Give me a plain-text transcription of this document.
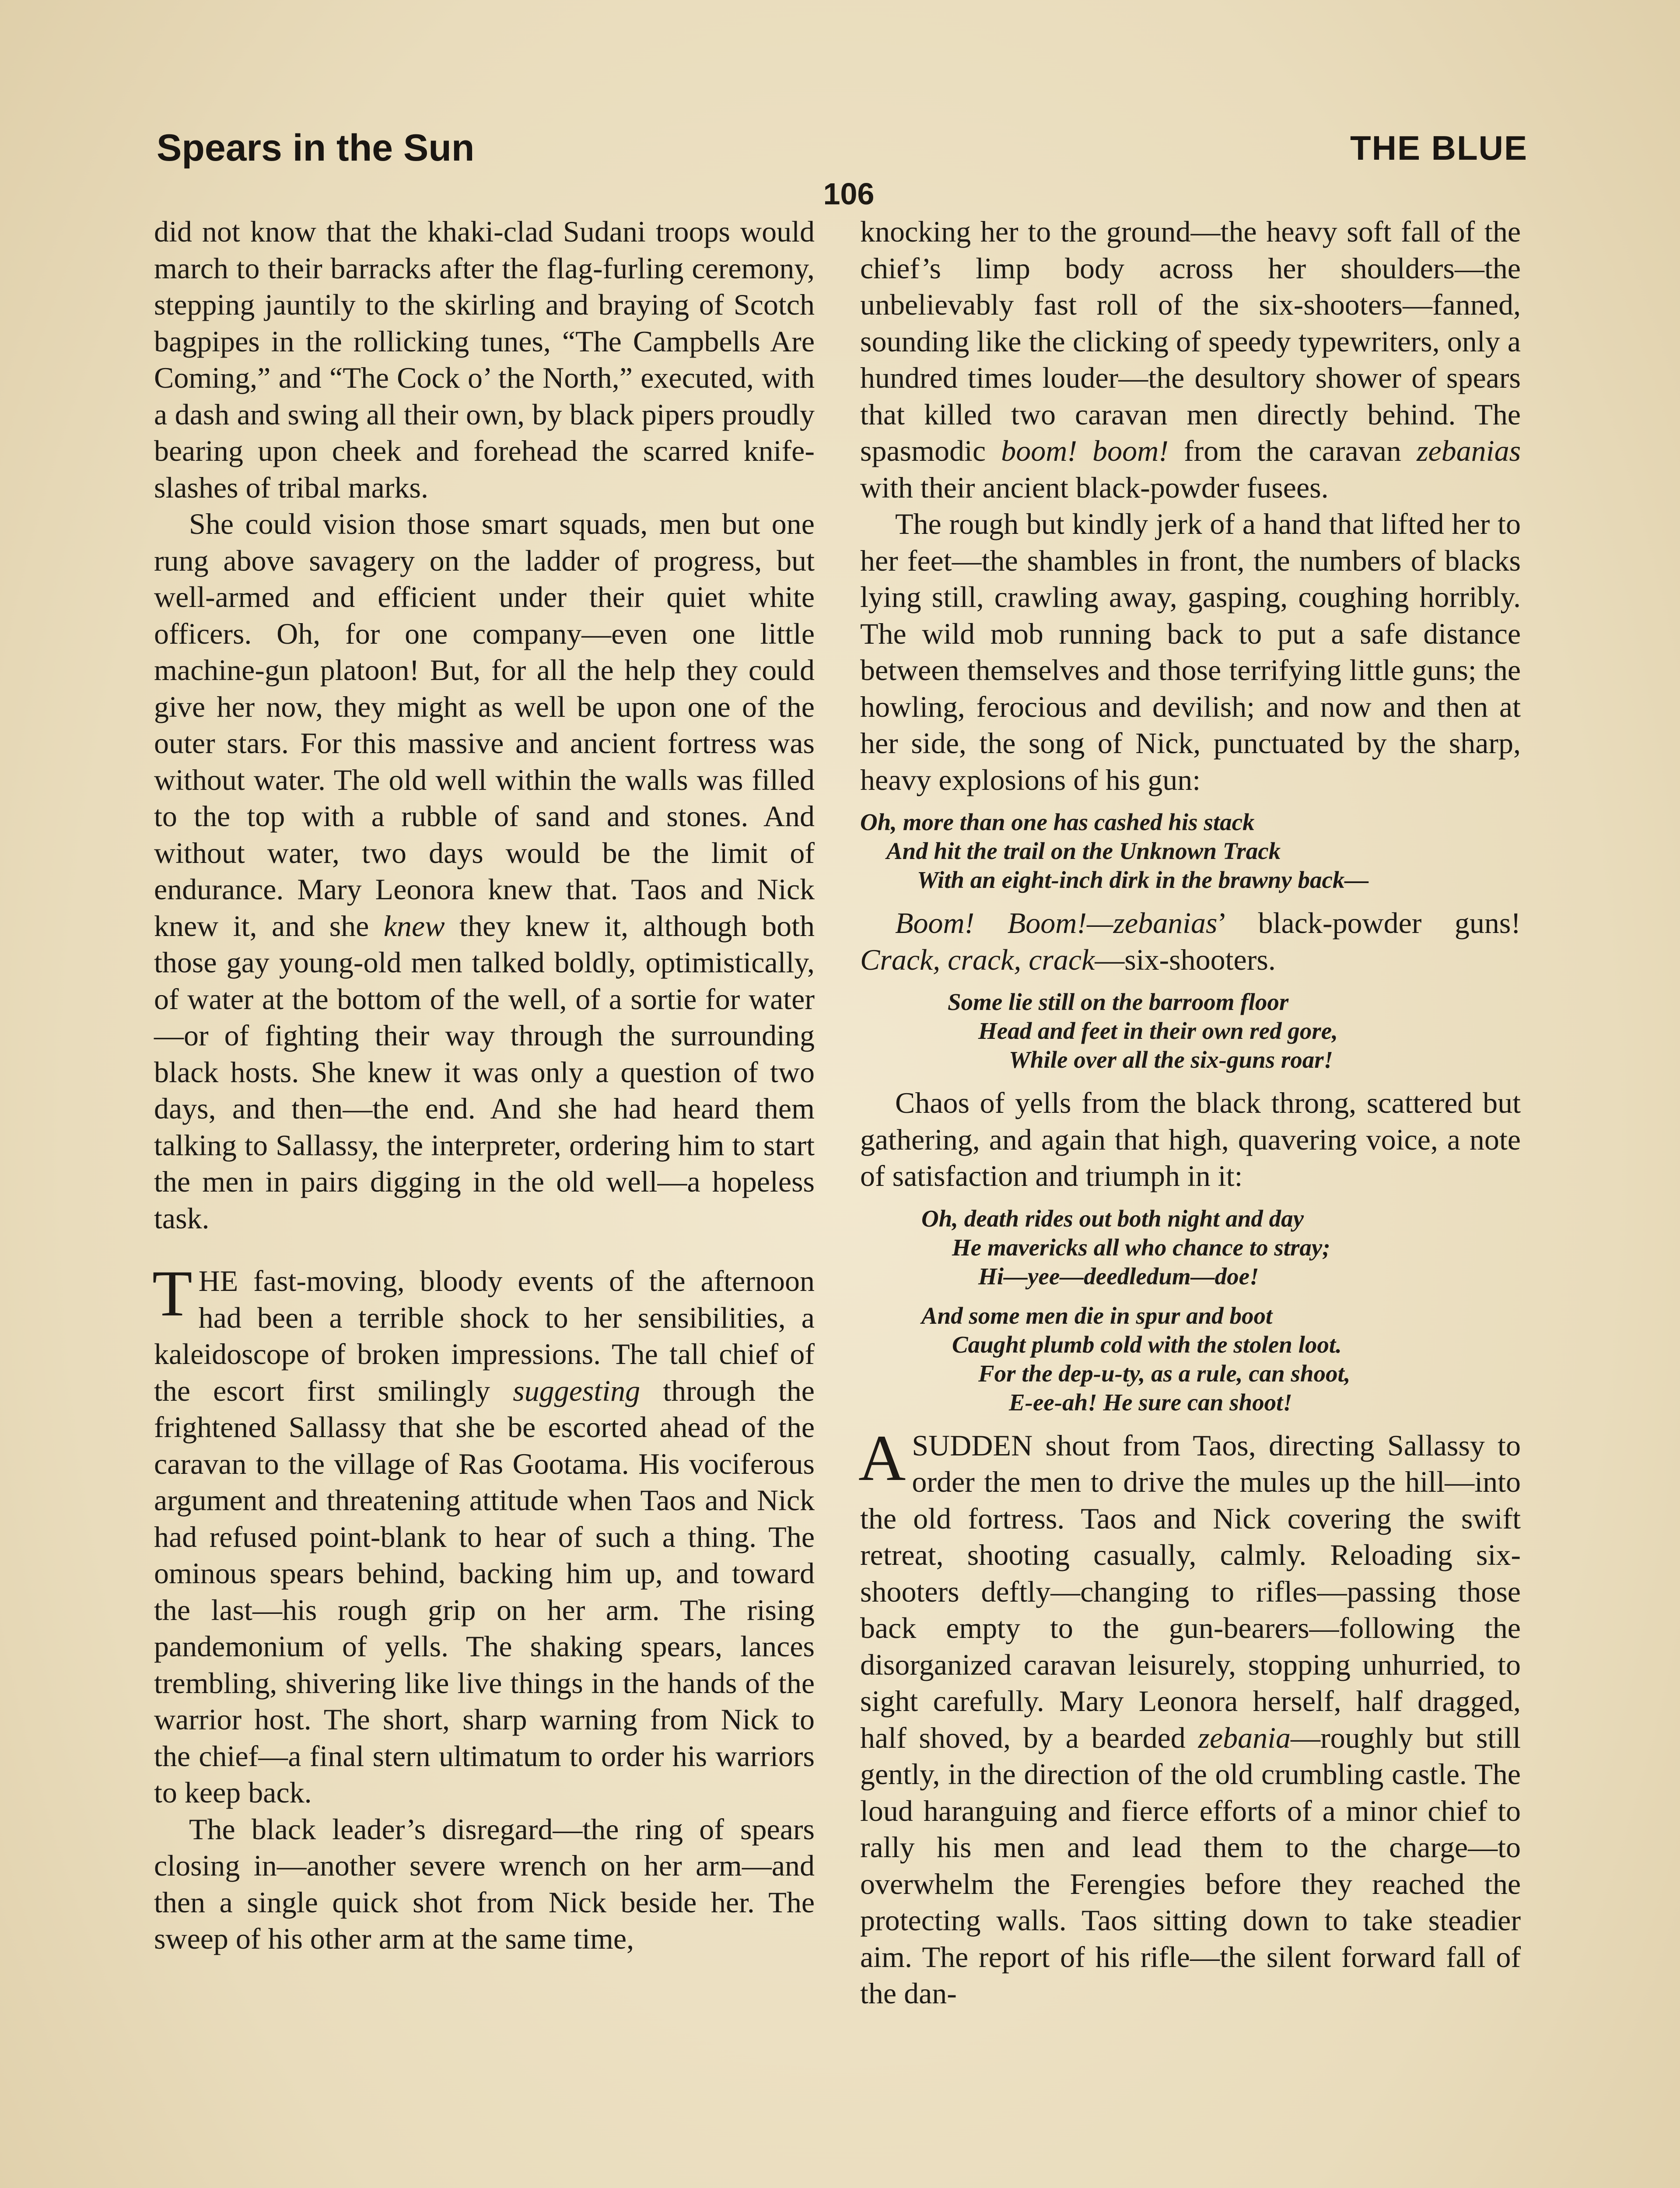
Spears in the Sun	THE BLUE
106

did not know that the khaki-clad Sudani troops would march to their barracks after the flag-furling ceremony, stepping jauntily to the skirling and braying of Scotch bagpipes in the rollicking tunes, “The Campbells Are Coming,” and “The Cock o’ the North,” executed, with a dash and swing all their own, by black pipers proudly bearing upon cheek and forehead the scarred knife-slashes of tribal marks.

She could vision those smart squads, men but one rung above savagery on the ladder of progress, but well-armed and efficient under their quiet white officers. Oh, for one company—even one little machine-gun platoon! But, for all the help they could give her now, they might as well be upon one of the outer stars. For this massive and ancient fortress was without water. The old well within the walls was filled to the top with a rubble of sand and stones. And without water, two days would be the limit of endurance. Mary Leonora knew that. Taos and Nick knew it, and she knew they knew it, although both those gay young-old men talked boldly, optimistically, of water at the bottom of the well, of a sortie for water—or of fighting their way through the surrounding black hosts. She knew it was only a question of two days, and then—the end. And she had heard them talking to Sallassy, the interpreter, ordering him to start the men in pairs digging in the old well—a hopeless task.

THE fast-moving, bloody events of the afternoon had been a terrible shock to her sensibilities, a kaleidoscope of broken impressions. The tall chief of the escort first smilingly suggesting through the frightened Sallassy that she be escorted ahead of the caravan to the village of Ras Gootama. His vociferous argument and threatening attitude when Taos and Nick had refused point-blank to hear of such a thing. The ominous spears behind, backing him up, and toward the last—his rough grip on her arm. The rising pandemonium of yells. The shaking spears, lances trembling, shivering like live things in the hands of the warrior host. The short, sharp warning from Nick to the chief—a final stern ultimatum to order his warriors to keep back.

The black leader’s disregard—the ring of spears closing in—another severe wrench on her arm—and then a single quick shot from Nick beside her. The sweep of his other arm at the same time,

knocking her to the ground—the heavy soft fall of the chief’s limp body across her shoulders—the unbelievably fast roll of the six-shooters—fanned, sounding like the clicking of speedy typewriters, only a hundred times louder—the desultory shower of spears that killed two caravan men directly behind. The spasmodic boom! boom! from the caravan zebanias with their ancient black-powder fusees.

The rough but kindly jerk of a hand that lifted her to her feet—the shambles in front, the numbers of blacks lying still, crawling away, gasping, coughing horribly. The wild mob running back to put a safe distance between themselves and those terrifying little guns; the howling, ferocious and devilish; and now and then at her side, the song of Nick, punctuated by the sharp, heavy explosions of his gun:

Oh, more than one has cashed his stack
And hit the trail on the Unknown Track
With an eight-inch dirk in the brawny back—

Boom! Boom!—zebanias’ black-powder guns! Crack, crack, crack—six-shooters.

Some lie still on the barroom floor
Head and feet in their own red gore,
While over all the six-guns roar!

Chaos of yells from the black throng, scattered but gathering, and again that high, quavering voice, a note of satisfaction and triumph in it:

Oh, death rides out both night and day
He mavericks all who chance to stray;
Hi—yee—deedledum—doe!
And some men die in spur and boot
Caught plumb cold with the stolen loot.
For the dep-u-ty, as a rule, can shoot,
E-ee-ah! He sure can shoot!

ASUDDEN shout from Taos, directing Sallassy to order the men to drive the mules up the hill—into the old fortress. Taos and Nick covering the swift retreat, shooting casually, calmly. Reloading six-shooters deftly—changing to rifles—passing those back empty to the gun-bearers—following the disorganized caravan leisurely, stopping unhurried, to sight carefully. Mary Leonora herself, half dragged, half shoved, by a bearded zebania—roughly but still gently, in the direction of the old crumbling castle. The loud haranguing and fierce efforts of a minor chief to rally his men and lead them to the charge—to overwhelm the Ferengies before they reached the protecting walls. Taos sitting down to take steadier aim. The report of his rifle—the silent forward fall of the dan-
